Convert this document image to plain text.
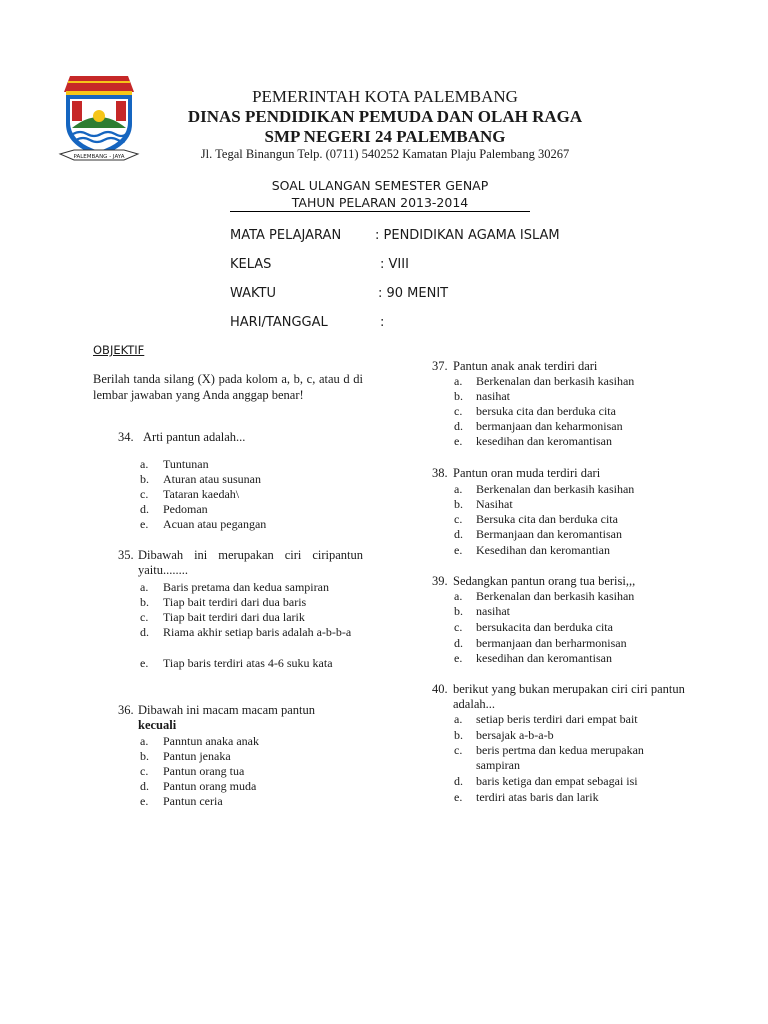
PALEMBANG - JAYA
PEMERINTAH KOTA PALEMBANG
DINAS PENDIDIKAN PEMUDA DAN OLAH RAGA
SMP NEGERI 24 PALEMBANG
Jl. Tegal Binangun Telp. (0711) 540252 Kamatan Plaju Palembang 30267
SOAL ULANGAN SEMESTER GENAP
TAHUN PELARAN 2013-2014
MATA PELAJARAN	: PENDIDIKAN AGAMA ISLAM
KELAS	: VIII
WAKTU	: 90 MENIT
HARI/TANGGAL	:
OBJEKTIF
Berilah tanda silang (X) pada kolom a, b, c, atau d di lembar jawaban yang Anda anggap benar!
34. Arti pantun adalah...
a. Tuntunan
b. Aturan atau susunan
c. Tataran kaedah\
d. Pedoman
e. Acuan atau pegangan
35. Dibawah ini merupakan ciri ciripantun yaitu........
a. Baris pretama dan kedua sampiran
b. Tiap bait terdiri dari dua baris
c. Tiap bait terdiri dari dua larik
d. Riama akhir setiap baris adalah a-b-b-a
e. Tiap baris terdiri atas 4-6 suku kata
36. Dibawah ini macam macam pantun
kecuali
a. Panntun anaka anak
b. Pantun jenaka
c. Pantun orang tua
d. Pantun orang muda
e. Pantun ceria
37. Pantun anak anak terdiri dari
a. Berkenalan dan berkasih kasihan
b. nasihat
c. bersuka cita dan berduka cita
d. bermanjaan dan keharmonisan
e. kesedihan dan keromantisan
38. Pantun oran muda terdiri dari
a. Berkenalan dan berkasih kasihan
b. Nasihat
c. Bersuka cita dan berduka cita
d. Bermanjaan dan keromantisan
e. Kesedihan dan keromantian
39. Sedangkan pantun orang tua berisi,,,
a. Berkenalan dan berkasih kasihan
b. nasihat
c. bersukacita dan berduka cita
d. bermanjaan dan berharmonisan
e. kesedihan dan keromantisan
40. berikut yang bukan merupakan ciri ciri pantun adalah...
a. setiap beris terdiri dari empat bait
b. bersajak a-b-a-b
c. beris pertma dan kedua merupakan sampiran
d. baris ketiga dan empat sebagai isi
e. terdiri atas baris dan larik
